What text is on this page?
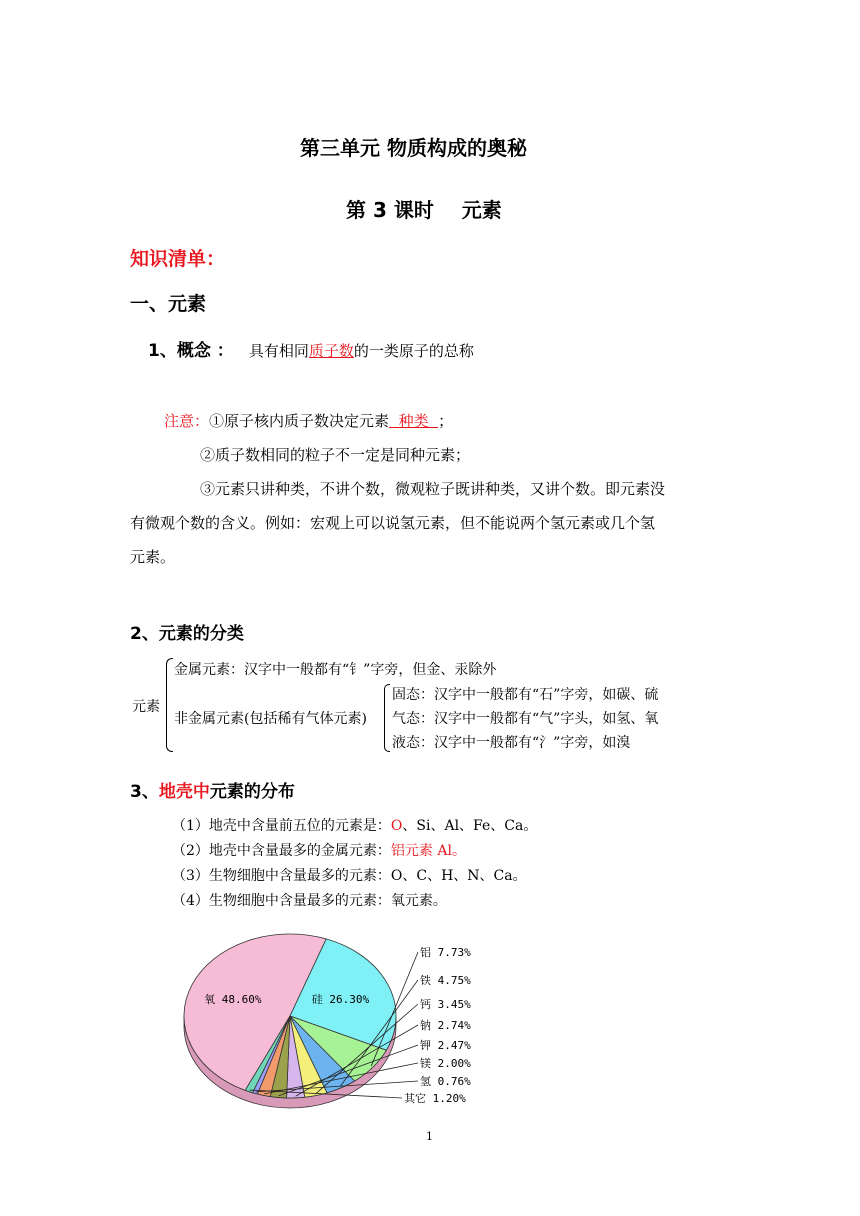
第三单元 物质构成的奥秘
第 3 课时    元素
知识清单：
一、元素
1、概念 ： 具有相同质子数的一类原子的总称
注意：①原子核内质子数决定元素  种类  ；
②质子数相同的粒子不一定是同种元素；
③元素只讲种类，不讲个数，微观粒子既讲种类，又讲个数。即元素没
有微观个数的含义。例如：宏观上可以说氢元素，但不能说两个氢元素或几个氢
元素。
2、元素的分类
元素
金属元素：汉字中一般都有“钅”字旁，但金、汞除外
非金属元素(包括稀有气体元素)
固态：汉字中一般都有“石”字旁，如碳、硫
气态：汉字中一般都有“气”字头，如氢、氧
液态：汉字中一般都有“氵”字旁，如溴
3、地壳中元素的分布
（1）地壳中含量前五位的元素是：O、Si、Al、Fe、Ca。
（2）地壳中含量最多的金属元素：铝元素 Al。
（3）生物细胞中含量最多的元素：O、C、H、N、Ca。
（4）生物细胞中含量最多的元素：氧元素。
氧 48.60%	硅 26.30%
铝 7.73%
铁 4.75%
钙 3.45%
钠 2.74%
钾 2.47%
镁 2.00%
氢 0.76%
其它 1.20%
1
